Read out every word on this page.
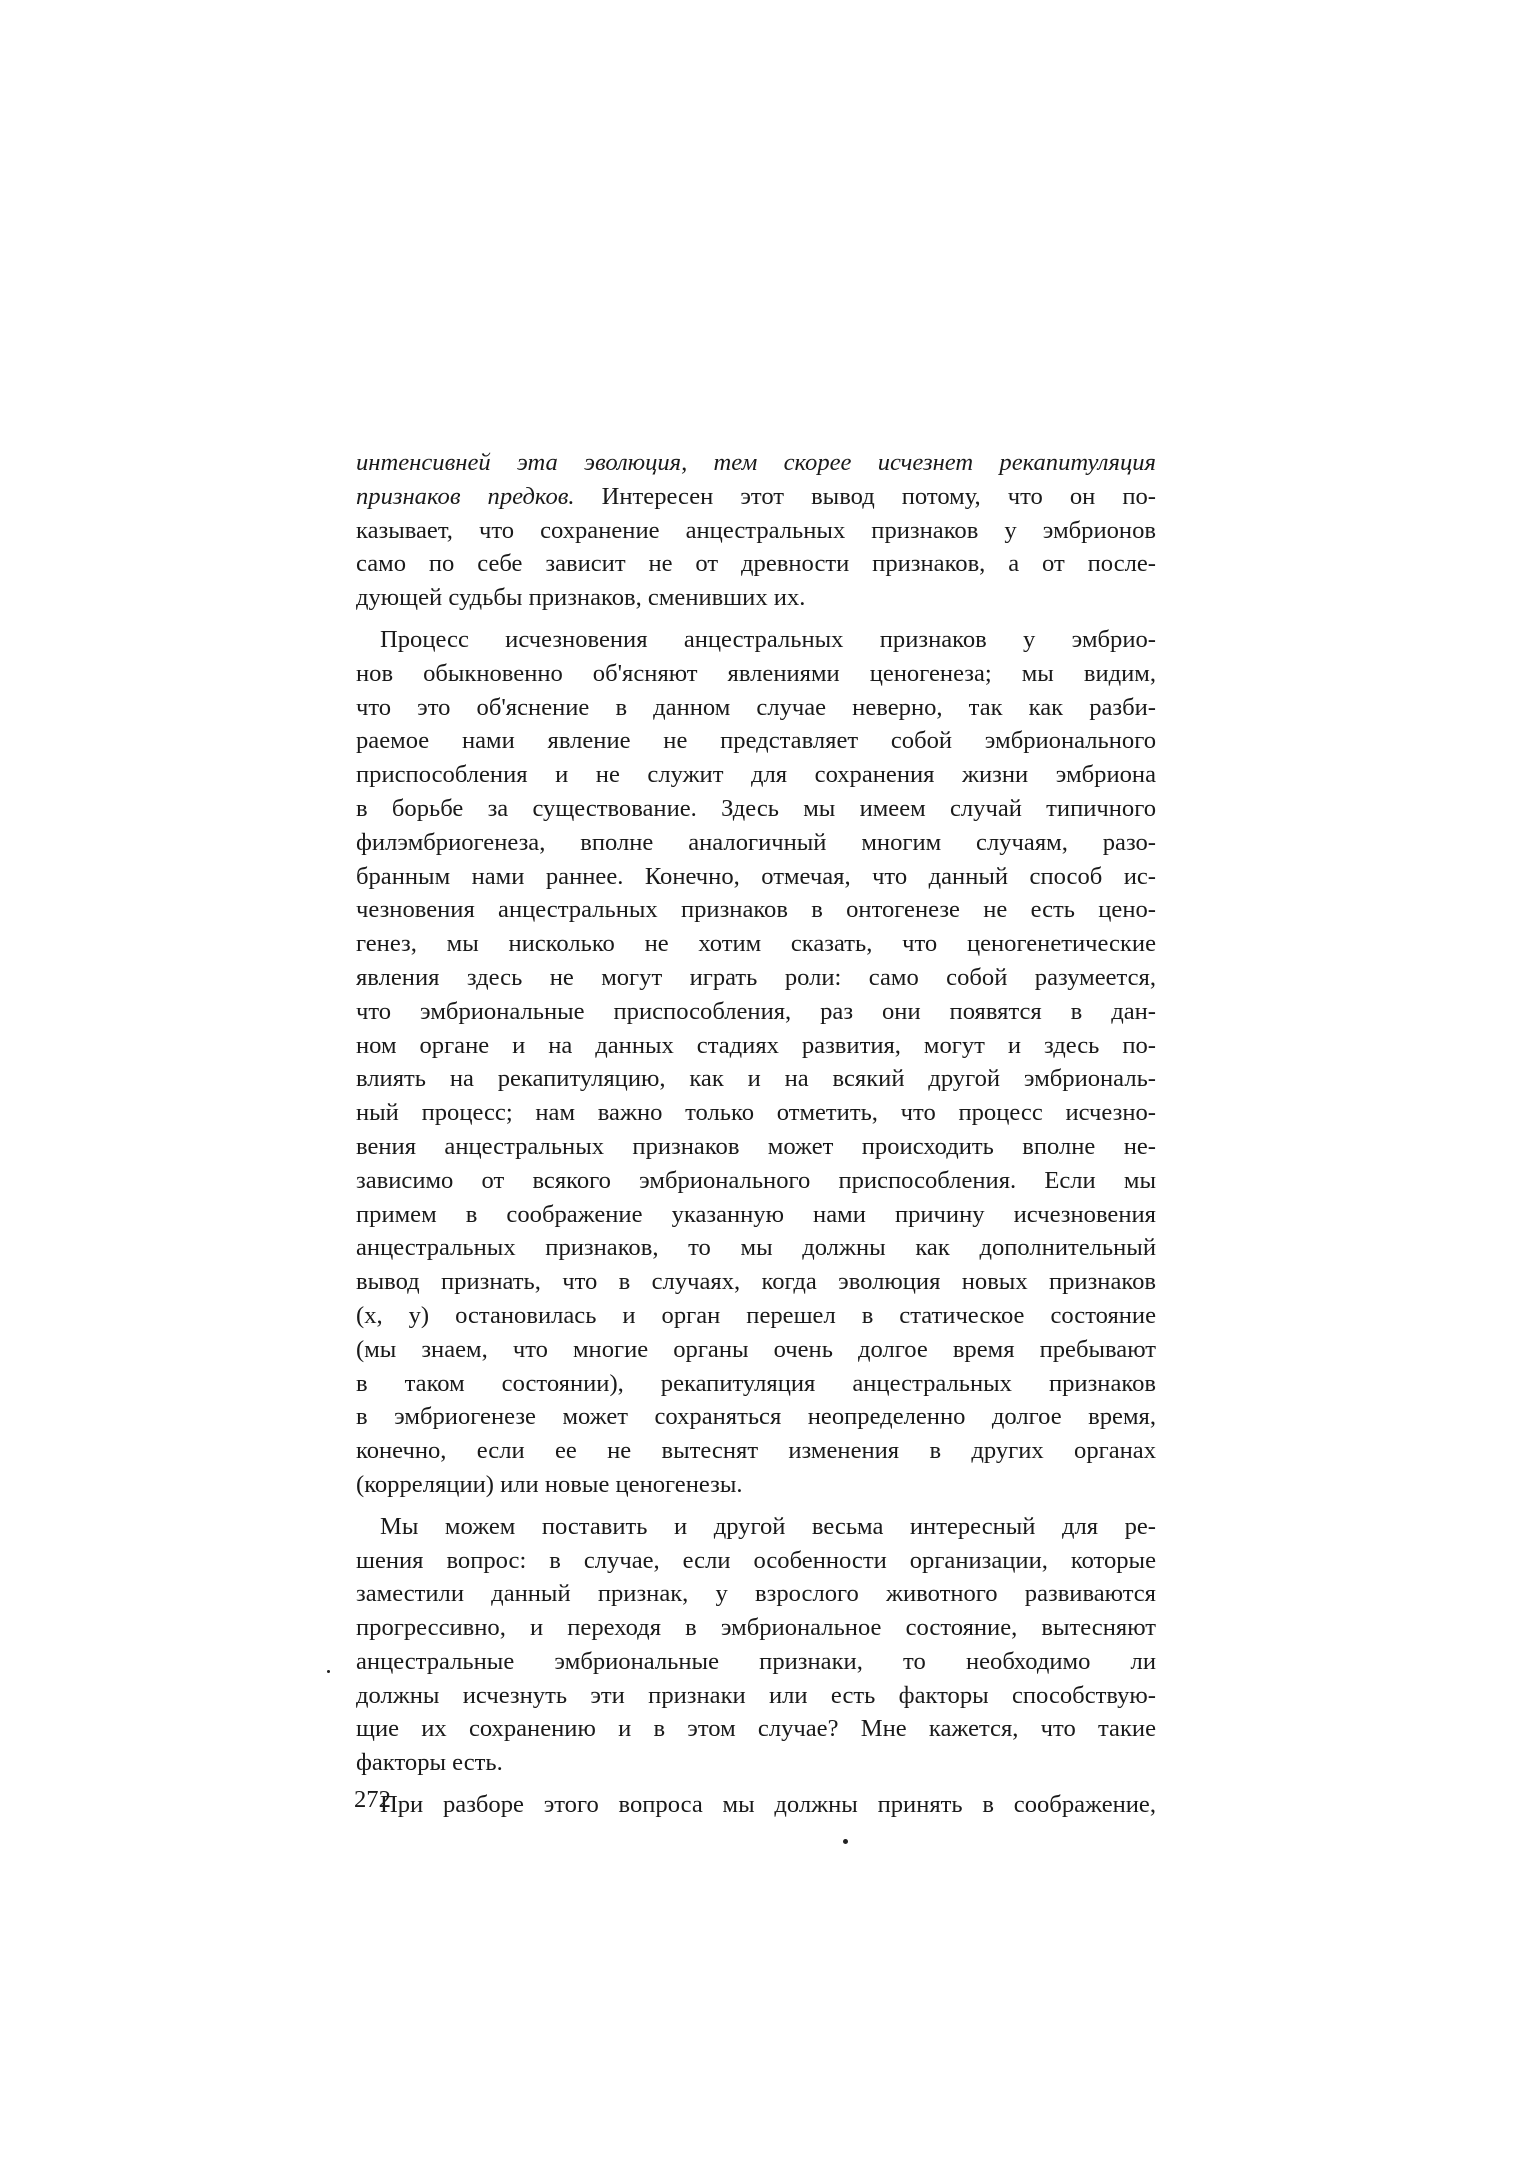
интенсивней эта эволюция, тем скорее исчезнет рекапитуляция
признаков предков. Интересен этот вывод потому, что он по-
казывает, что сохранение анцестральных признаков у эмбрионов
само по себе зависит не от древности признаков, а от после-
дующей судьбы признаков, сменивших их.
Процесс исчезновения анцестральных признаков у эмбрио-
нов обыкновенно об'ясняют явлениями ценогенеза; мы видим,
что это об'яснение в данном случае неверно, так как разби-
раемое нами явление не представляет собой эмбрионального
приспособления и не служит для сохранения жизни эмбриона
в борьбе за существование. Здесь мы имеем случай типичного
филэмбриогенеза, вполне аналогичный многим случаям, разо-
бранным нами раннее. Конечно, отмечая, что данный способ ис-
чезновения анцестральных признаков в онтогенезе не есть цено-
генез, мы нисколько не хотим сказать, что ценогенетические
явления здесь не могут играть роли: само собой разумеется,
что эмбриональные приспособления, раз они появятся в дан-
ном органе и на данных стадиях развития, могут и здесь по-
влиять на рекапитуляцию, как и на всякий другой эмбриональ-
ный процесс; нам важно только отметить, что процесс исчезно-
вения анцестральных признаков может происходить вполне не-
зависимо от всякого эмбрионального приспособления. Если мы
примем в соображение указанную нами причину исчезновения
анцестральных признаков, то мы должны как дополнительный
вывод признать, что в случаях, когда эволюция новых признаков
(x, y) остановилась и орган перешел в статическое состояние
(мы знаем, что многие органы очень долгое время пребывают
в таком состоянии), рекапитуляция анцестральных признаков
в эмбриогенезе может сохраняться неопределенно долгое время,
конечно, если ее не вытеснят изменения в других органах
(корреляции) или новые ценогенезы.
Мы можем поставить и другой весьма интересный для ре-
шения вопрос: в случае, если особенности организации, которые
заместили данный признак, у взрослого животного развиваются
прогрессивно, и переходя в эмбриональное состояние, вытесняют
анцестральные эмбриональные признаки, то необходимо ли
должны исчезнуть эти признаки или есть факторы способствую-
щие их сохранению и в этом случае? Мне кажется, что такие
факторы есть.
При разборе этого вопроса мы должны принять в соображение,
272
